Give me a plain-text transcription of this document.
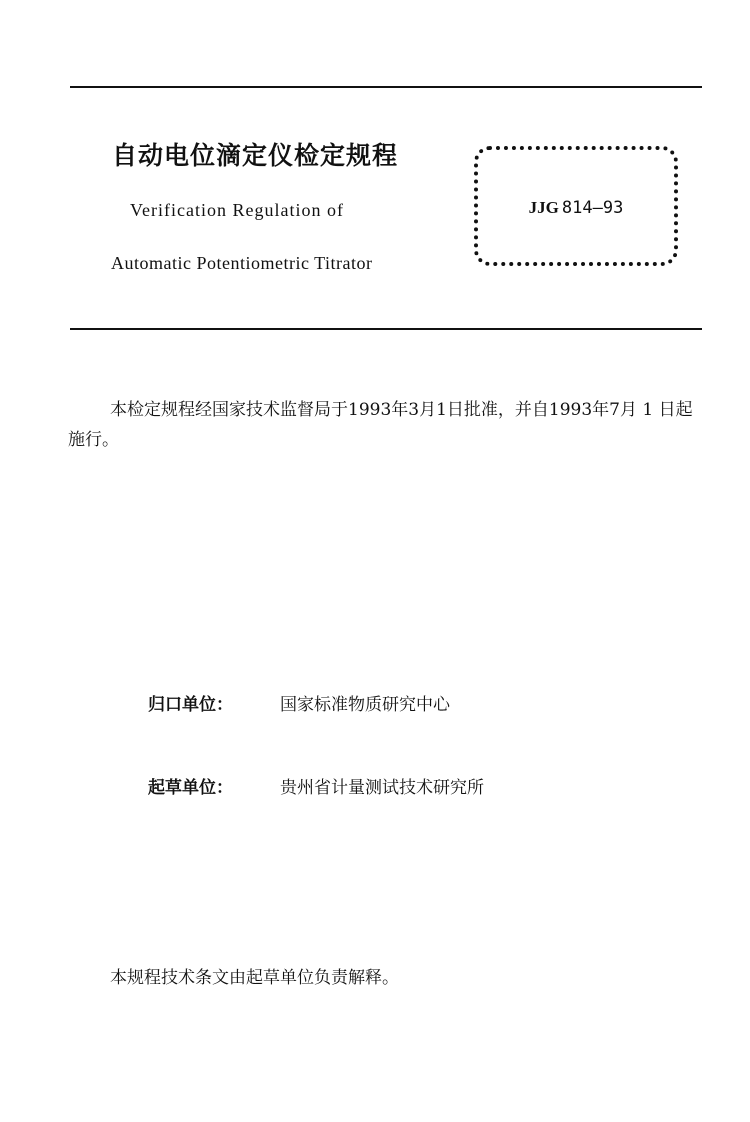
自动电位滴定仪检定规程
Verification Regulation of
Automatic Potentiometric Titrator
JJG 814—93
本检定规程经国家技术监督局于1993年3月1日批准，并自1993年7月 1 日起施行。
归口单位：	国家标准物质研究中心
起草单位：	贵州省计量测试技术研究所
本规程技术条文由起草单位负责解释。
